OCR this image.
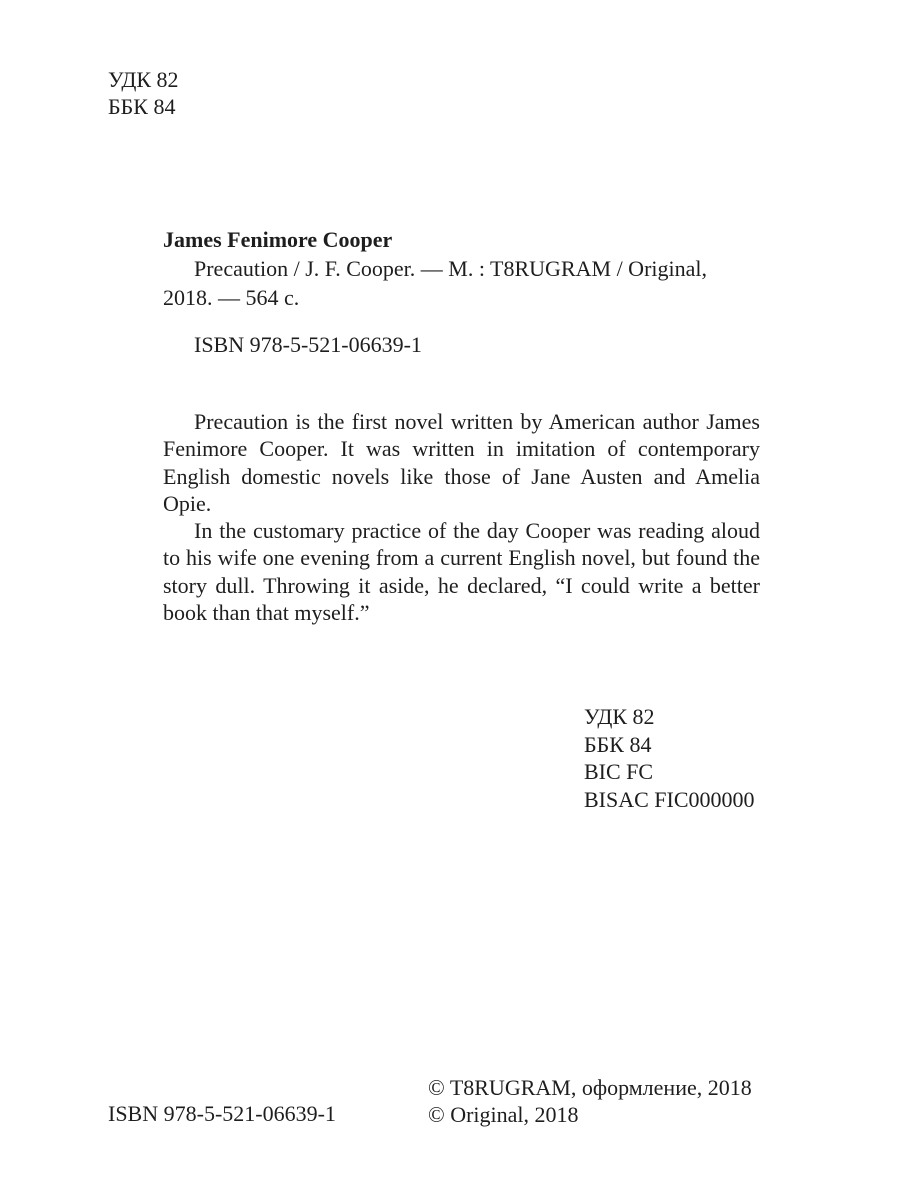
УДК 82
ББК 84
James Fenimore Cooper
Precaution / J. F. Cooper. — M. : T8RUGRAM / Original, 2018. — 564 с.
ISBN 978-5-521-06639-1

Precaution is the first novel written by American author James Fenimore Cooper. It was written in imitation of contemporary English domestic novels like those of Jane Austen and Amelia Opie.

In the customary practice of the day Cooper was reading aloud to his wife one evening from a current English novel, but found the story dull. Throwing it aside, he declared, “I could write a better book than that myself.”

УДК 82
ББК 84
BIC FC
BISAC FIC000000
ISBN 978-5-521-06639-1
© T8RUGRAM, оформление, 2018
© Original, 2018
